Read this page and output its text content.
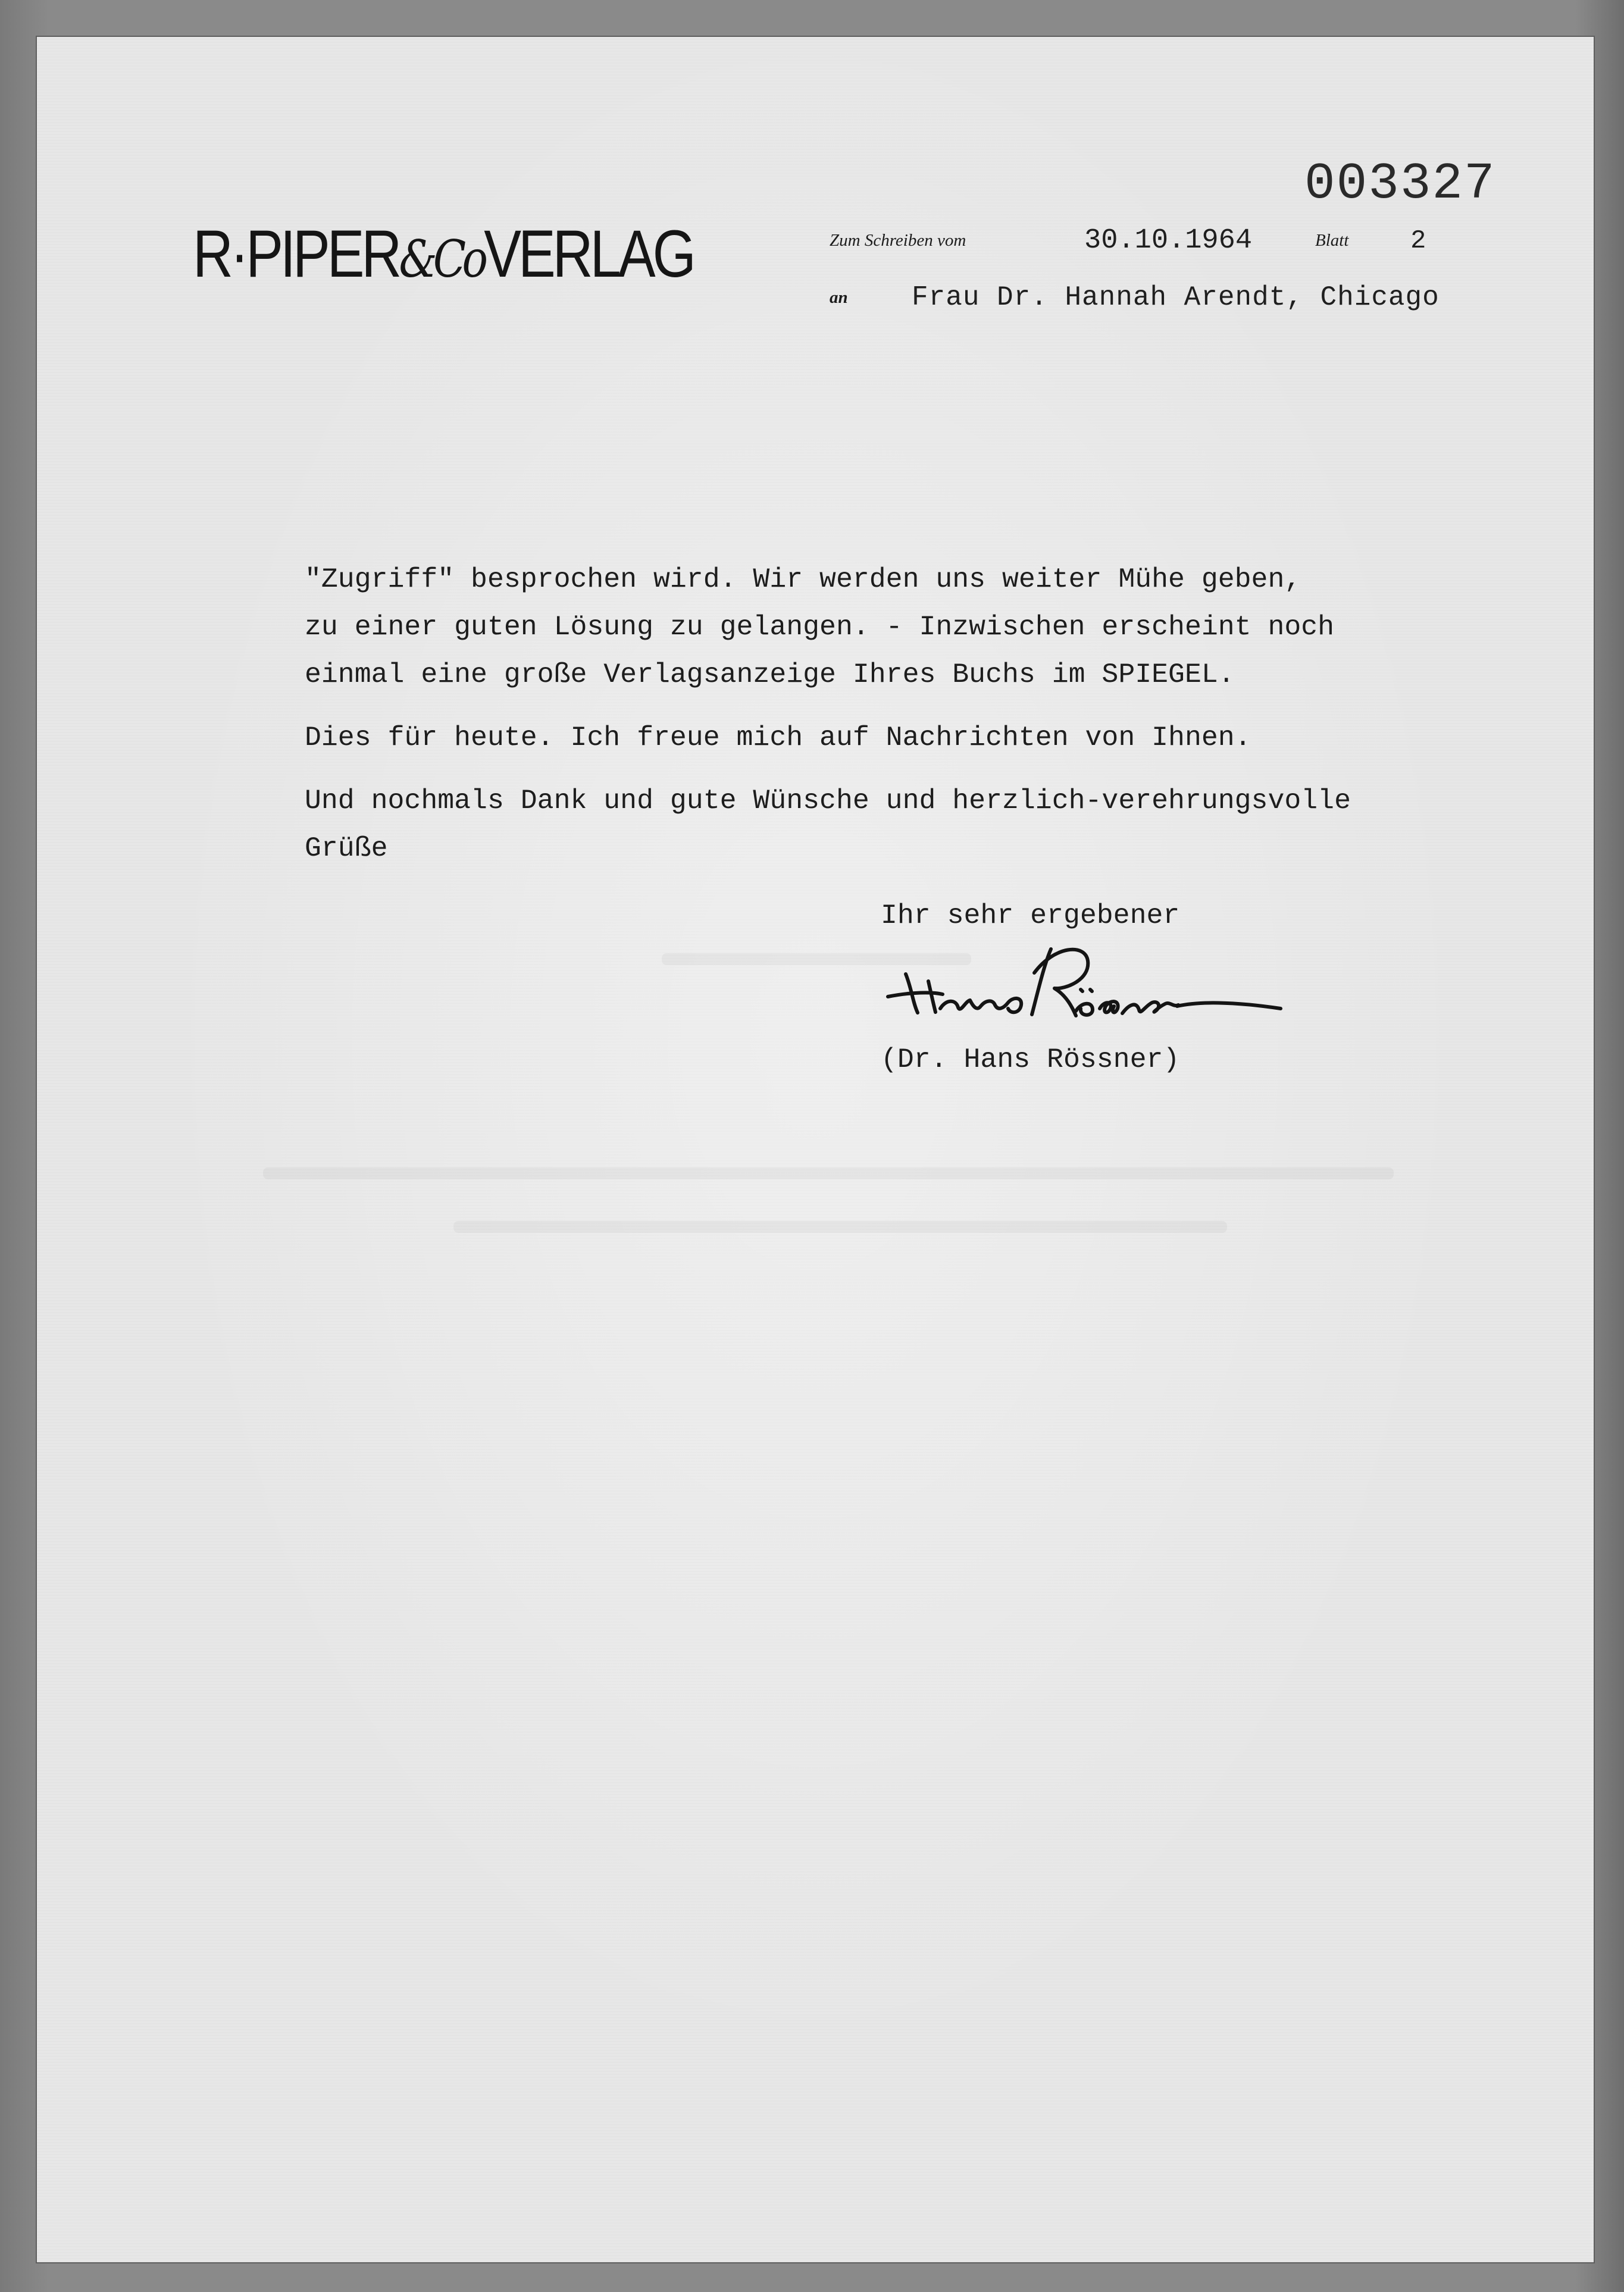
R·PIPER&CoVERLAG
003327
Zum Schreiben vom	30.10.1964	Blatt 2
an Frau Dr. Hannah Arendt, Chicago
"Zugriff" besprochen wird. Wir werden uns weiter Mühe geben,
zu einer guten Lösung zu gelangen. - Inzwischen erscheint noch
einmal eine große Verlagsanzeige Ihres Buchs im SPIEGEL.
Dies für heute. Ich freue mich auf Nachrichten von Ihnen.
Und nochmals Dank und gute Wünsche und herzlich-verehrungsvolle
Grüße
Ihr sehr ergebener
(Dr. Hans Rössner)
